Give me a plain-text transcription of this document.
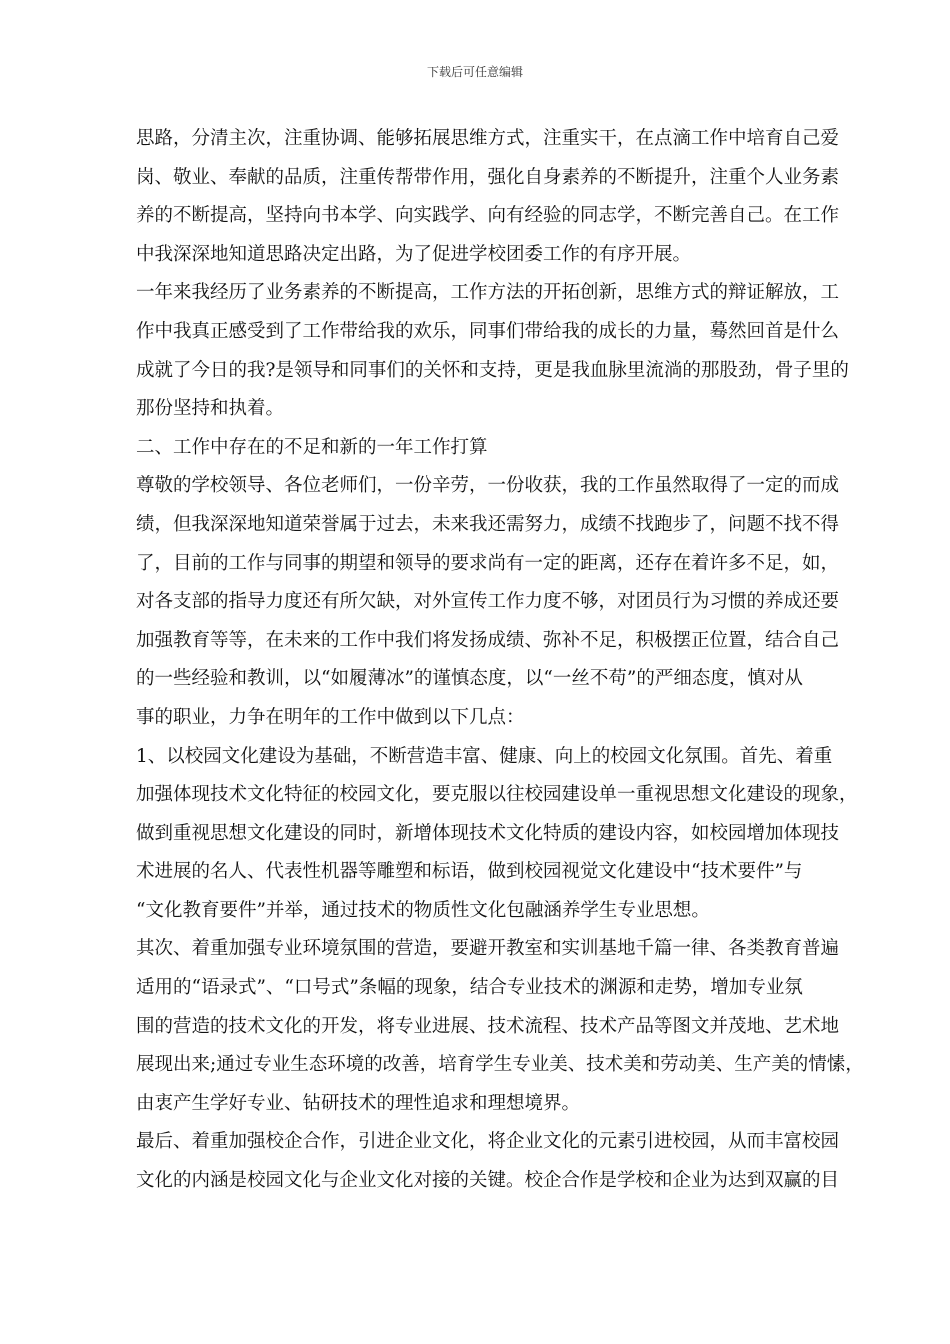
下载后可任意编辑
思路，分清主次，注重协调、能够拓展思维方式，注重实干，在点滴工作中培育自己爱
岗、敬业、奉献的品质，注重传帮带作用，强化自身素养的不断提升，注重个人业务素
养的不断提高，坚持向书本学、向实践学、向有经验的同志学，不断完善自己。在工作
中我深深地知道思路决定出路，为了促进学校团委工作的有序开展。
一年来我经历了业务素养的不断提高，工作方法的开拓创新，思维方式的辩证解放，工
作中我真正感受到了工作带给我的欢乐，同事们带给我的成长的力量，蓦然回首是什么
成就了今日的我?是领导和同事们的关怀和支持，更是我血脉里流淌的那股劲，骨子里的
那份坚持和执着。
二、工作中存在的不足和新的一年工作打算
尊敬的学校领导、各位老师们，一份辛劳，一份收获，我的工作虽然取得了一定的而成
绩，但我深深地知道荣誉属于过去，未来我还需努力，成绩不找跑步了，问题不找不得
了，目前的工作与同事的期望和领导的要求尚有一定的距离，还存在着许多不足，如，
对各支部的指导力度还有所欠缺，对外宣传工作力度不够，对团员行为习惯的养成还要
加强教育等等，在未来的工作中我们将发扬成绩、弥补不足，积极摆正位置，结合自己
的一些经验和教训，以“如履薄冰”的谨慎态度，以“一丝不苟”的严细态度，慎对从
事的职业，力争在明年的工作中做到以下几点：
1、以校园文化建设为基础，不断营造丰富、健康、向上的校园文化氛围。首先、着重
加强体现技术文化特征的校园文化，要克服以往校园建设单一重视思想文化建设的现象，
做到重视思想文化建设的同时，新增体现技术文化特质的建设内容，如校园增加体现技
术进展的名人、代表性机器等雕塑和标语，做到校园视觉文化建设中“技术要件”与
“文化教育要件”并举，通过技术的物质性文化包融涵养学生专业思想。
其次、着重加强专业环境氛围的营造，要避开教室和实训基地千篇一律、各类教育普遍
适用的“语录式”、“口号式”条幅的现象，结合专业技术的渊源和走势，增加专业氛
围的营造的技术文化的开发，将专业进展、技术流程、技术产品等图文并茂地、艺术地
展现出来;通过专业生态环境的改善，培育学生专业美、技术美和劳动美、生产美的情愫，
由衷产生学好专业、钻研技术的理性追求和理想境界。
最后、着重加强校企合作，引进企业文化，将企业文化的元素引进校园，从而丰富校园
文化的内涵是校园文化与企业文化对接的关键。校企合作是学校和企业为达到双赢的目
